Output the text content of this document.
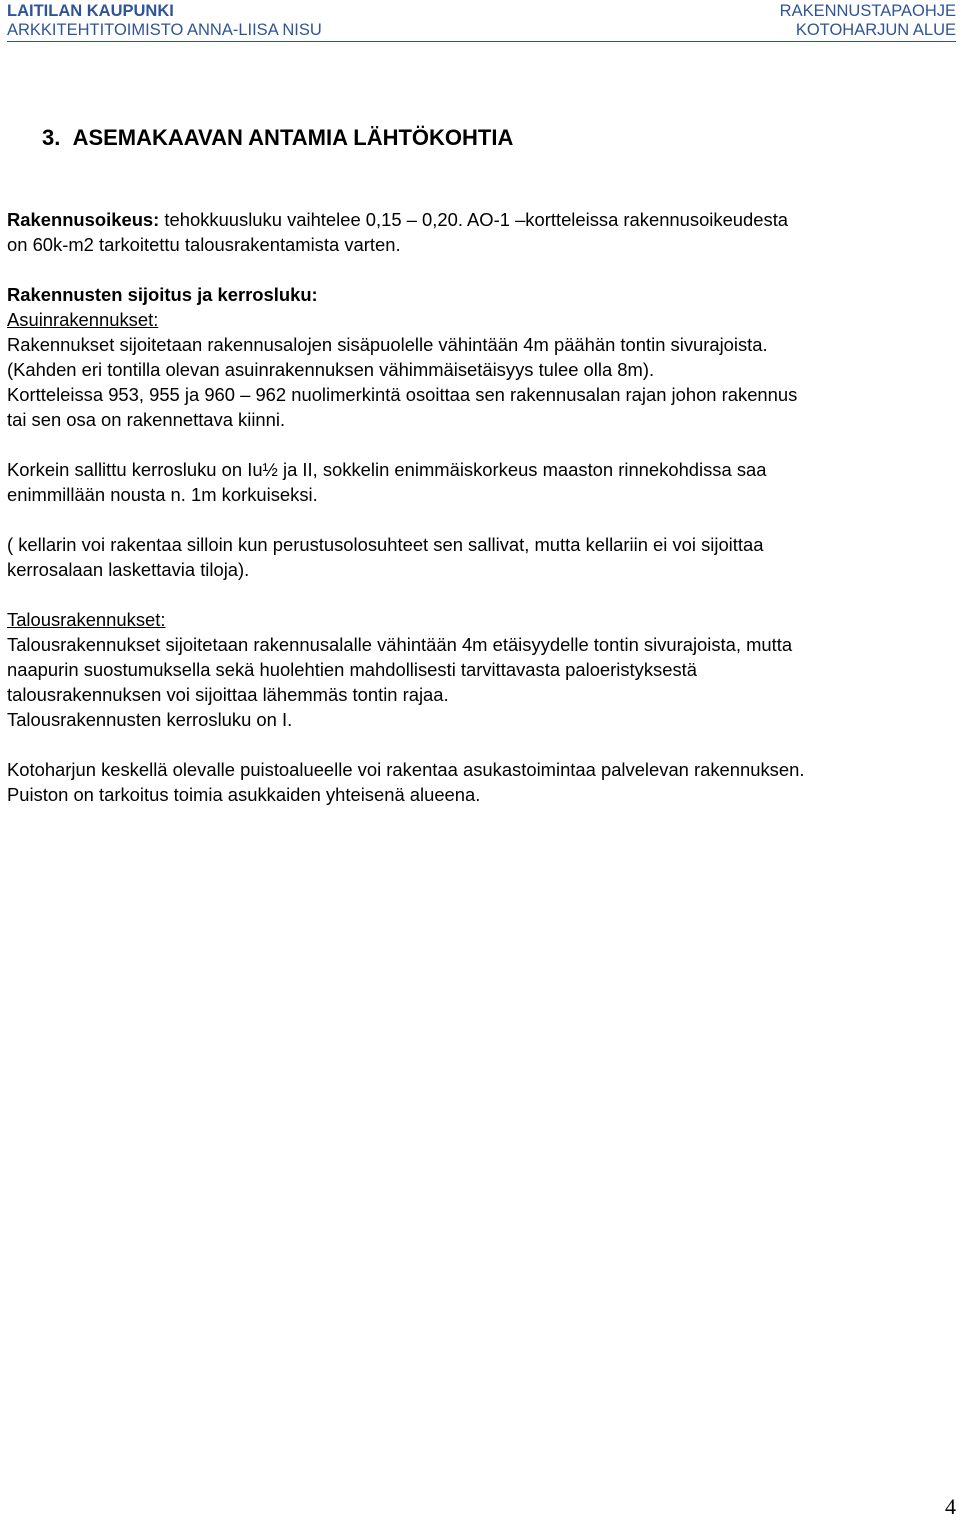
LAITILAN KAUPUNKI
ARKKITEHTITOIMISTO ANNA-LIISA NISU
RAKENNUSTAPAOHJE
KOTOHARJUN ALUE
3.  ASEMAKAAVAN ANTAMIA LÄHTÖKOHTIA

Rakennusoikeus: tehokkuusluku vaihtelee 0,15 – 0,20. AO-1 –kortteleissa rakennusoikeudesta
on 60k-m2 tarkoitettu talousrakentamista varten.

Rakennusten sijoitus ja kerrosluku:
Asuinrakennukset:

Rakennukset sijoitetaan rakennusalojen sisäpuolelle vähintään 4m päähän tontin sivurajoista.
(Kahden eri tontilla olevan asuinrakennuksen vähimmäisetäisyys tulee olla 8m).
Kortteleissa 953, 955 ja 960 – 962 nuolimerkintä osoittaa sen rakennusalan rajan johon rakennus
tai sen osa on rakennettava kiinni.

Korkein sallittu kerrosluku on Iu½ ja II, sokkelin enimmäiskorkeus maaston rinnekohdissa saa
enimmillään nousta n. 1m korkuiseksi.

( kellarin voi rakentaa silloin kun perustusolosuhteet sen sallivat, mutta kellariin ei voi sijoittaa
kerrosalaan laskettavia tiloja).

Talousrakennukset:
Talousrakennukset sijoitetaan rakennusalalle vähintään 4m etäisyydelle tontin sivurajoista, mutta
naapurin suostumuksella sekä huolehtien mahdollisesti tarvittavasta paloeristyksestä
talousrakennuksen voi sijoittaa lähemmäs tontin rajaa.
Talousrakennusten kerrosluku on I.

Kotoharjun keskellä olevalle puistoalueelle voi rakentaa asukastoimintaa palvelevan rakennuksen.
Puiston on tarkoitus toimia asukkaiden yhteisenä alueena.

4
